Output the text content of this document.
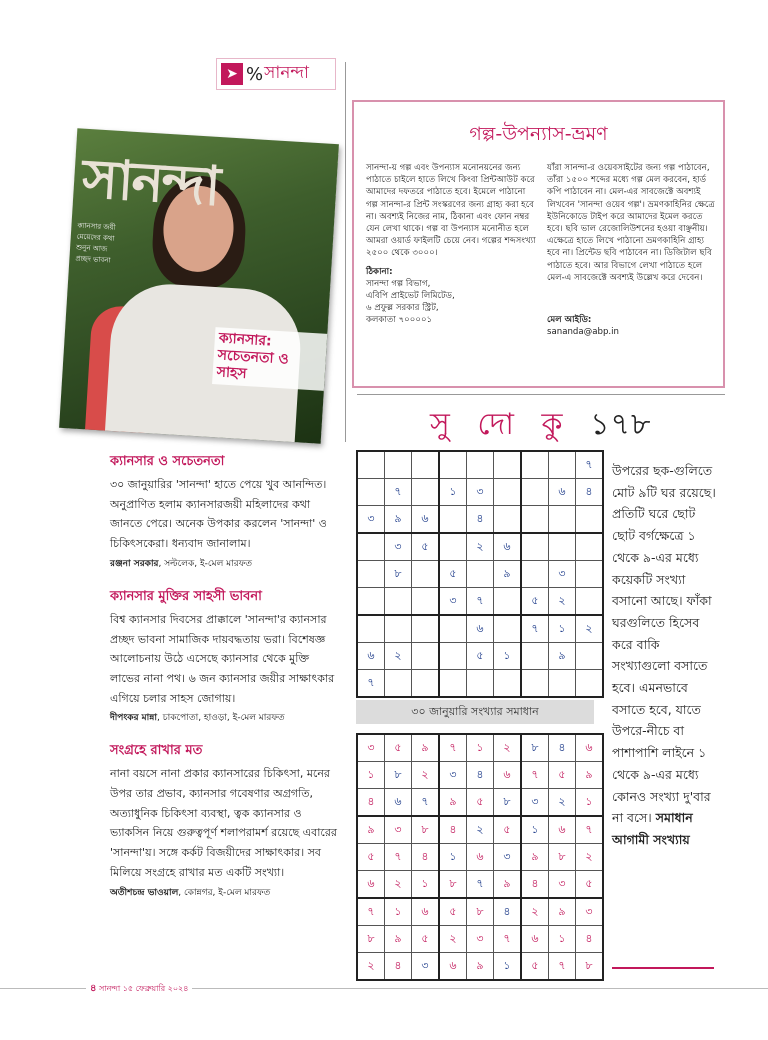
➤ % সানন্দা
সানন্দা
ক্যানসার জয়ী
মেয়েদের কথা
শুনুন আজ
প্রচ্ছদ ভাবনা
ক্যানসার: সচেতনতা ও সাহস
গল্প-উপন্যাস-ভ্রমণ
সানন্দা-য় গল্প এবং উপন্যাস মনোনয়নের জন্য পাঠাতে চাইলে হাতে লিখে কিংবা প্রিন্টআউট করে আমাদের দফতরে পাঠাতে হবে। ইমেলে পাঠানো গল্প সানন্দা-র প্রিন্ট সংস্করণের জন্য গ্রাহ্য করা হবে না। অবশ্যই নিজের নাম, ঠিকানা এবং ফোন নম্বর যেন লেখা থাকে। গল্প বা উপন্যাস মনোনীত হলে আমরা ওয়ার্ড ফাইলটি চেয়ে নেব। গল্পের শব্দসংখ্যা ২৫০০ থেকে ৩০০০।
ঠিকানা:
সানন্দা গল্প বিভাগ,
এবিপি প্রাইভেট লিমিটেড,
৬ প্রফুল্ল সরকার স্ট্রিট,
কলকাতা ৭০০০০১
যাঁরা সানন্দা-র ওয়েবসাইটের জন্য গল্প পাঠাবেন, তাঁরা ১৫০০ শব্দের মধ্যে গল্প মেল করবেন, হার্ড কপি পাঠাবেন না। মেল-এর সাবজেক্টে অবশ্যই লিখবেন 'সানন্দা ওয়েব গল্প'। ভ্রমণকাহিনির ক্ষেত্রে ইউনিকোডে টাইপ করে আমাদের ইমেল করতে হবে। ছবি ভাল রেজোলিউশনের হওয়া বাঞ্ছনীয়। এক্ষেত্রে হাতে লিখে পাঠানো ভ্রমণকাহিনি গ্রাহ্য হবে না। প্রিন্টেড ছবি পাঠাবেন না। ডিজিটাল ছবি পাঠাতে হবে। আর বিভাগে লেখা পাঠাতে হলে মেল-এ সাবজেক্টে অবশ্যই উল্লেখ করে দেবেন।
মেল আইডি:
sananda@abp.in
সু দো কু ১৭৮
								৭
	৭		১	৩			৬	৪
৩	৯	৬		৪				
	৩	৫		২	৬			
	৮		৫		৯		৩	
			৩	৭		৫	২	
				৬		৭	১	২
৬	২			৫	১		৯	
৭								
৩০ জানুয়ারি সংখ্যার সমাধান
৩	৫	৯	৭	১	২	৮	৪	৬
১	৮	২	৩	৪	৬	৭	৫	৯
৪	৬	৭	৯	৫	৮	৩	২	১
৯	৩	৮	৪	২	৫	১	৬	৭
৫	৭	৪	১	৬	৩	৯	৮	২
৬	২	১	৮	৭	৯	৪	৩	৫
৭	১	৬	৫	৮	৪	২	৯	৩
৮	৯	৫	২	৩	৭	৬	১	৪
২	৪	৩	৬	৯	১	৫	৭	৮
উপরের ছক-গুলিতে মোট ৯টি ঘর রয়েছে। প্রতিটি ঘরে ছোট ছোট বর্গক্ষেত্রে ১ থেকে ৯-এর মধ্যে কয়েকটি সংখ্যা বসানো আছে। ফাঁকা ঘরগুলিতে হিসেব করে বাকি সংখ্যাগুলো বসাতে হবে। এমনভাবে বসাতে হবে, যাতে উপরে-নীচে বা পাশাপাশি লাইনে ১ থেকে ৯-এর মধ্যে কোনও সংখ্যা দু'বার না বসে। সমাধান আগামী সংখ্যায়

ক্যানসার ও সচেতনতা

৩০ জানুয়ারির 'সানন্দা' হাতে পেয়ে খুব আনন্দিত। অনুপ্রাণিত হলাম ক্যানসারজয়ী মহিলাদের কথা জানতে পেরে। অনেক উপকার করলেন 'সানন্দা' ও চিকিৎসকেরা। ধন্যবাদ জানালাম।

রঞ্জনা সরকার, সল্টলেক, ই-মেল মারফত

ক্যানসার মুক্তির সাহসী ভাবনা

বিশ্ব ক্যানসার দিবসের প্রাক্কালে 'সানন্দা'র ক্যানসার প্রচ্ছদ ভাবনা সামাজিক দায়বদ্ধতায় ভরা। বিশেষজ্ঞ আলোচনায় উঠে এসেছে ক্যানসার থেকে মুক্তি লাভের নানা পথ। ৬ জন ক্যানসার জয়ীর সাক্ষাৎকার এগিয়ে চলার সাহস জোগায়।

দীপংকর মান্না, চাকপোতা, হাওড়া, ই-মেল মারফত

সংগ্রহে রাখার মত

নানা বয়সে নানা প্রকার ক্যানসারের চিকিৎসা, মনের উপর তার প্রভাব, ক্যানসার গবেষণার অগ্রগতি, অত্যাধুনিক চিকিৎসা ব্যবস্থা, ত্বক ক্যানসার ও ভ্যাকসিন নিয়ে গুরুত্বপূর্ণ শলাপরামর্শ রয়েছে এবারের 'সানন্দা'য়। সঙ্গে কর্কট বিজয়ীদের সাক্ষাৎকার। সব মিলিয়ে সংগ্রহে রাখার মত একটি সংখ্যা।

অতীশচন্দ্র ভাওয়াল, কোন্নগর, ই-মেল মারফত

৪ সানন্দা ১৫ ফেব্রুয়ারি ২০২৪
